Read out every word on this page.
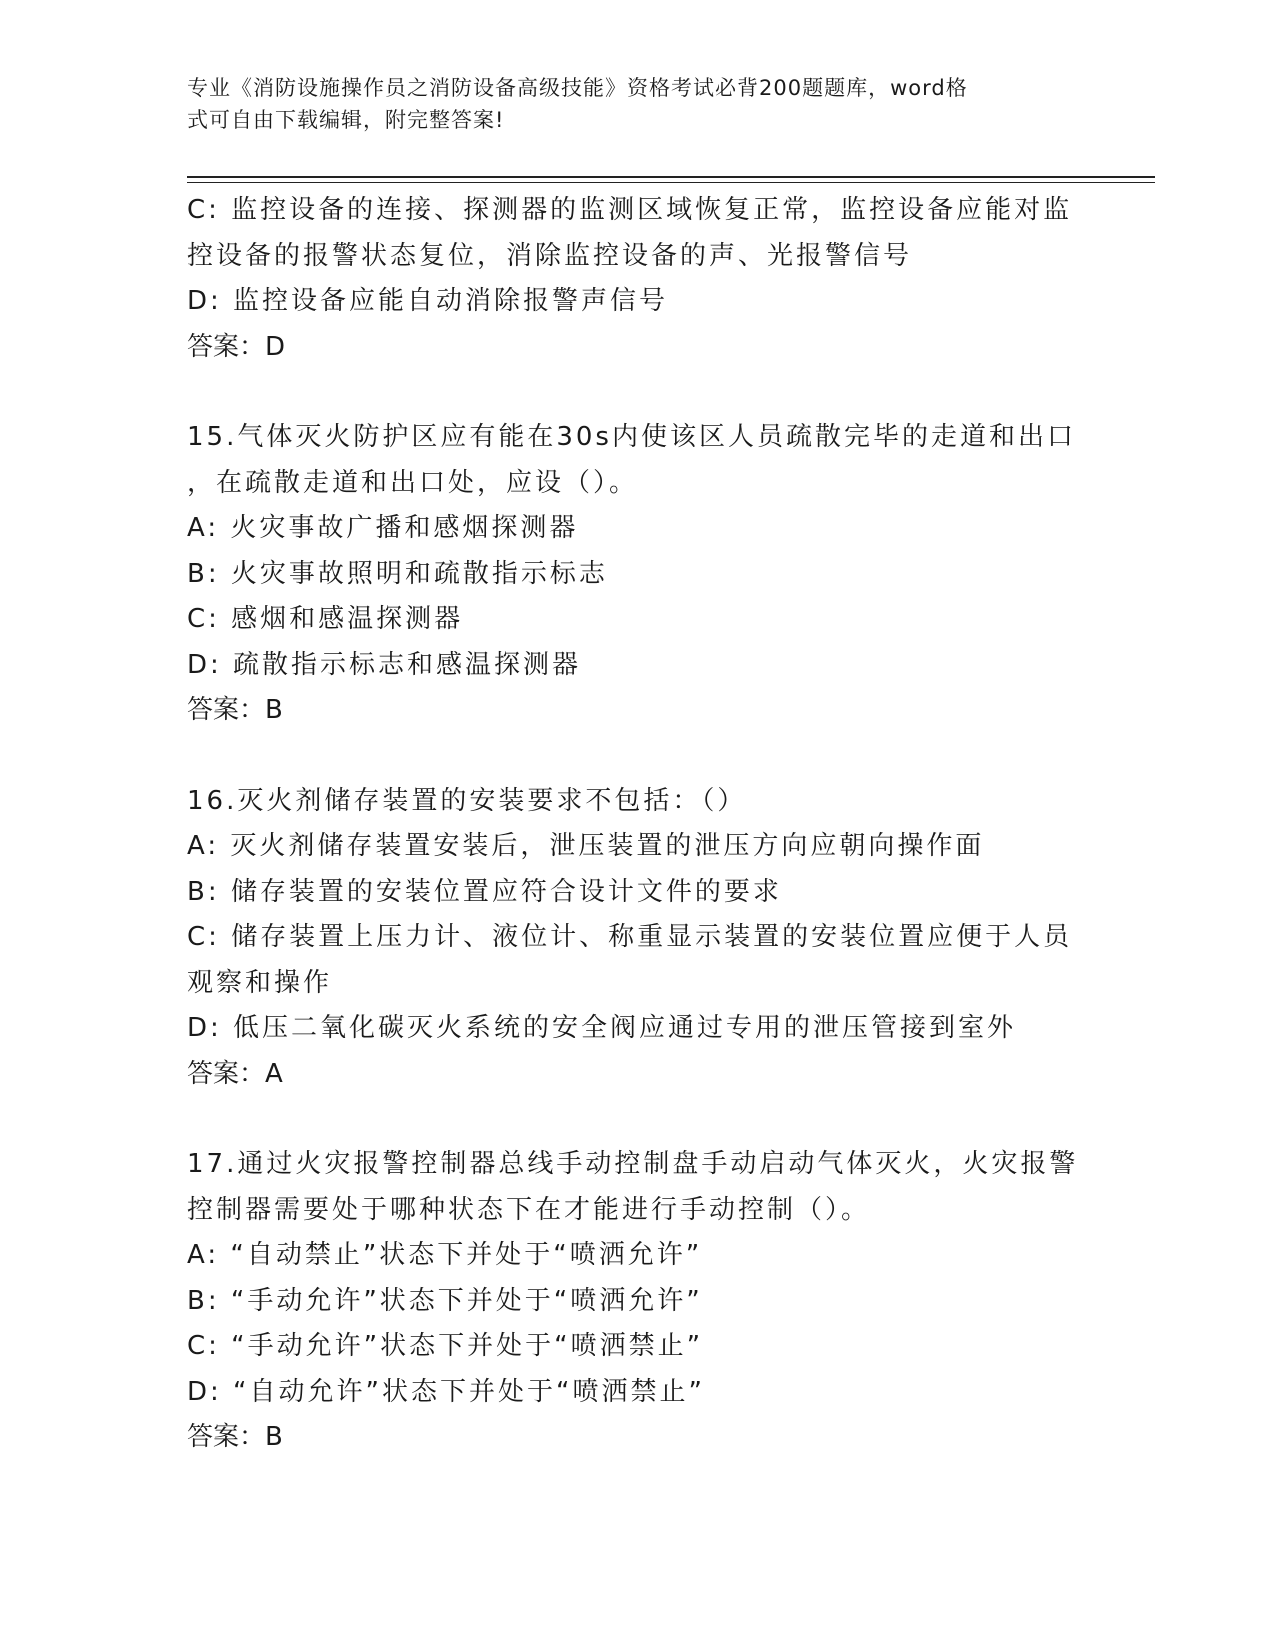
专业《消防设施操作员之消防设备高级技能》资格考试必背200题题库，word格
式可自由下载编辑，附完整答案!

C: 监控设备的连接、探测器的监测区域恢复正常，监控设备应能对监

控设备的报警状态复位，消除监控设备的声、光报警信号

D: 监控设备应能自动消除报警声信号

答案：D

15.气体灭火防护区应有能在30s内使该区人员疏散完毕的走道和出口

，在疏散走道和出口处，应设（）。

A: 火灾事故广播和感烟探测器

B: 火灾事故照明和疏散指示标志

C: 感烟和感温探测器

D: 疏散指示标志和感温探测器

答案：B

16.灭火剂储存装置的安装要求不包括：（）

A: 灭火剂储存装置安装后，泄压装置的泄压方向应朝向操作面

B: 储存装置的安装位置应符合设计文件的要求

C: 储存装置上压力计、液位计、称重显示装置的安装位置应便于人员

观察和操作

D: 低压二氧化碳灭火系统的安全阀应通过专用的泄压管接到室外

答案：A

17.通过火灾报警控制器总线手动控制盘手动启动气体灭火，火灾报警

控制器需要处于哪种状态下在才能进行手动控制（）。

A: “自动禁止”状态下并处于“喷洒允许”

B: “手动允许”状态下并处于“喷洒允许”

C: “手动允许”状态下并处于“喷洒禁止”

D: “自动允许”状态下并处于“喷洒禁止”

答案：B
